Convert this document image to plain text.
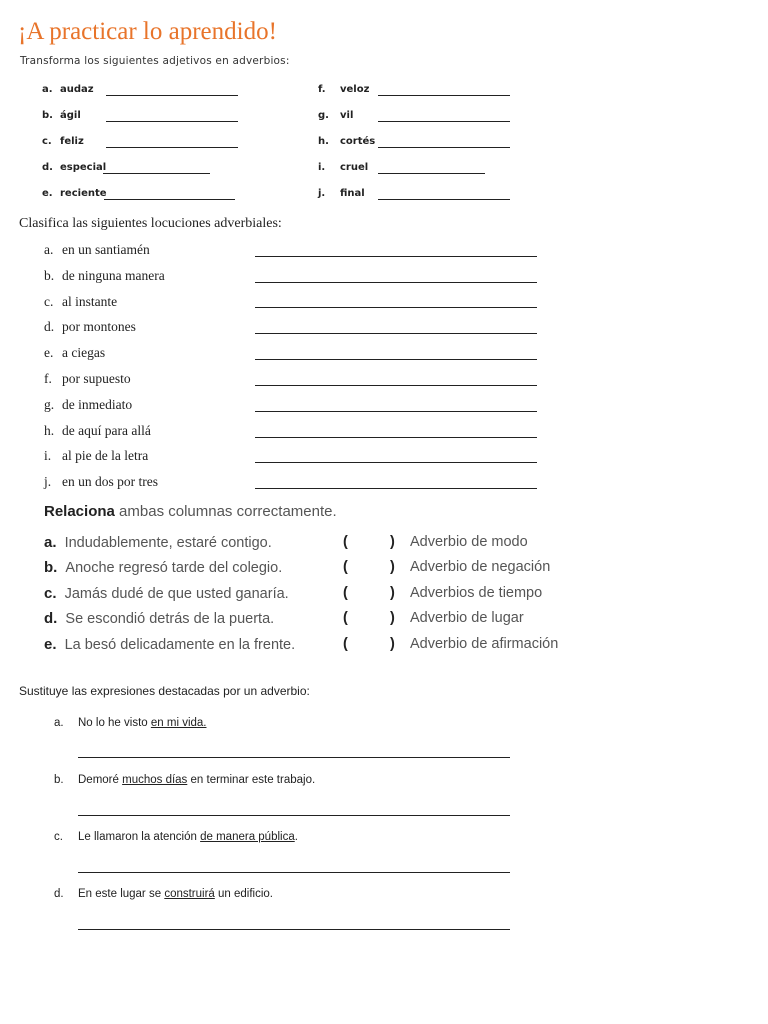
¡A practicar lo aprendido!
Transforma los siguientes adjetivos en adverbios:
a. audaz
b. ágil
c. feliz
d. especial
e. reciente
f. veloz
g. vil
h. cortés
i. cruel
j. final
Clasifica las siguientes locuciones adverbiales:
a. en un santiamén
b. de ninguna manera
c. al instante
d. por montones
e. a ciegas
f. por supuesto
g. de inmediato
h. de aquí para allá
i. al pie de la letra
j. en un dos por tres
Relaciona ambas columnas correctamente.
a. Indudablemente, estaré contigo.	(	) Adverbio de modo
b. Anoche regresó tarde del colegio.	(	) Adverbio de negación
c. Jamás dudé de que usted ganaría.	(	) Adverbios de tiempo
d. Se escondió detrás de la puerta.	(	) Adverbio de lugar
e. La besó delicadamente en la frente.	(	) Adverbio de afirmación
Sustituye las expresiones destacadas por un adverbio:
a. No lo he visto en mi vida.
b. Demoré muchos días en terminar este trabajo.
c. Le llamaron la atención de manera pública.
d. En este lugar se construirá un edificio.
